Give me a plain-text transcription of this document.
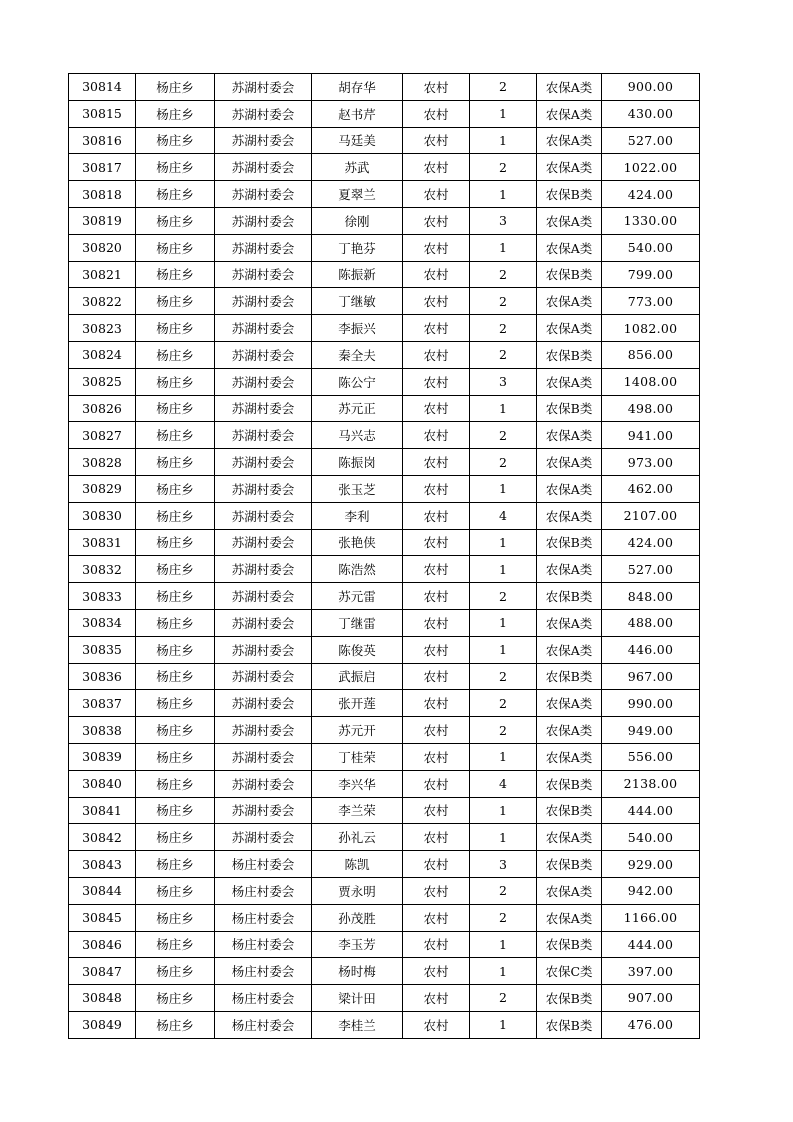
30814	杨庄乡	苏湖村委会	胡存华	农村	2	农保A类	900.00
30815	杨庄乡	苏湖村委会	赵书芹	农村	1	农保A类	430.00
30816	杨庄乡	苏湖村委会	马廷美	农村	1	农保A类	527.00
30817	杨庄乡	苏湖村委会	苏武	农村	2	农保A类	1022.00
30818	杨庄乡	苏湖村委会	夏翠兰	农村	1	农保B类	424.00
30819	杨庄乡	苏湖村委会	徐刚	农村	3	农保A类	1330.00
30820	杨庄乡	苏湖村委会	丁艳芬	农村	1	农保A类	540.00
30821	杨庄乡	苏湖村委会	陈振新	农村	2	农保B类	799.00
30822	杨庄乡	苏湖村委会	丁继敏	农村	2	农保A类	773.00
30823	杨庄乡	苏湖村委会	李振兴	农村	2	农保A类	1082.00
30824	杨庄乡	苏湖村委会	秦全夫	农村	2	农保B类	856.00
30825	杨庄乡	苏湖村委会	陈公宁	农村	3	农保A类	1408.00
30826	杨庄乡	苏湖村委会	苏元正	农村	1	农保B类	498.00
30827	杨庄乡	苏湖村委会	马兴志	农村	2	农保A类	941.00
30828	杨庄乡	苏湖村委会	陈振岗	农村	2	农保A类	973.00
30829	杨庄乡	苏湖村委会	张玉芝	农村	1	农保A类	462.00
30830	杨庄乡	苏湖村委会	李利	农村	4	农保A类	2107.00
30831	杨庄乡	苏湖村委会	张艳侠	农村	1	农保B类	424.00
30832	杨庄乡	苏湖村委会	陈浩然	农村	1	农保A类	527.00
30833	杨庄乡	苏湖村委会	苏元雷	农村	2	农保B类	848.00
30834	杨庄乡	苏湖村委会	丁继雷	农村	1	农保A类	488.00
30835	杨庄乡	苏湖村委会	陈俊英	农村	1	农保A类	446.00
30836	杨庄乡	苏湖村委会	武振启	农村	2	农保B类	967.00
30837	杨庄乡	苏湖村委会	张开莲	农村	2	农保A类	990.00
30838	杨庄乡	苏湖村委会	苏元开	农村	2	农保A类	949.00
30839	杨庄乡	苏湖村委会	丁桂荣	农村	1	农保A类	556.00
30840	杨庄乡	苏湖村委会	李兴华	农村	4	农保B类	2138.00
30841	杨庄乡	苏湖村委会	李兰荣	农村	1	农保B类	444.00
30842	杨庄乡	苏湖村委会	孙礼云	农村	1	农保A类	540.00
30843	杨庄乡	杨庄村委会	陈凯	农村	3	农保B类	929.00
30844	杨庄乡	杨庄村委会	贾永明	农村	2	农保A类	942.00
30845	杨庄乡	杨庄村委会	孙茂胜	农村	2	农保A类	1166.00
30846	杨庄乡	杨庄村委会	李玉芳	农村	1	农保B类	444.00
30847	杨庄乡	杨庄村委会	杨时梅	农村	1	农保C类	397.00
30848	杨庄乡	杨庄村委会	梁计田	农村	2	农保B类	907.00
30849	杨庄乡	杨庄村委会	李桂兰	农村	1	农保B类	476.00
